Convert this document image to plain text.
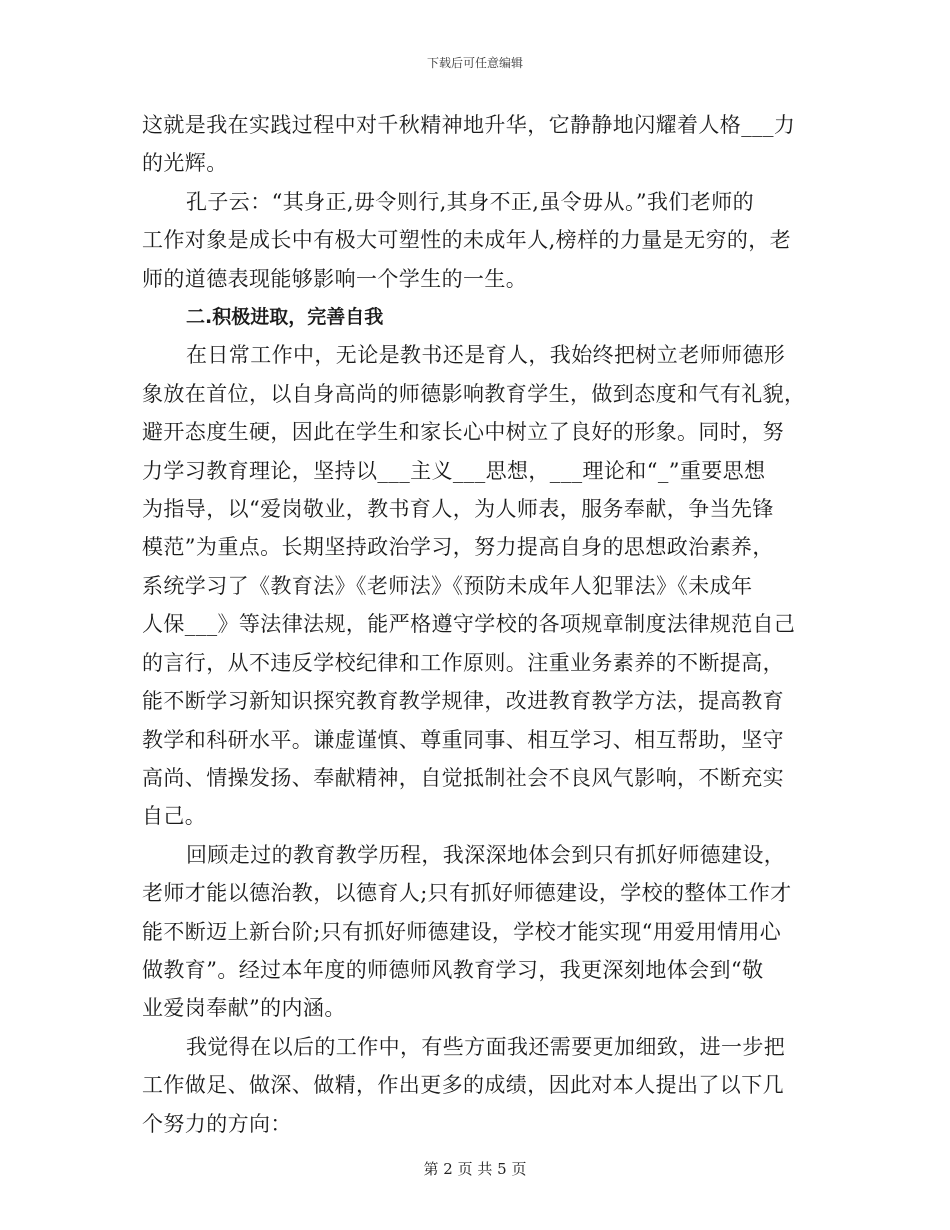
下载后可任意编辑

这就是我在实践过程中对千秋精神地升华，它静静地闪耀着人格___力
的光辉。

孔子云：“其身正,毋令则行,其身不正,虽令毋从。”我们老师的
工作对象是成长中有极大可塑性的未成年人,榜样的力量是无穷的，老
师的道德表现能够影响一个学生的一生。

二.积极进取，完善自我

在日常工作中，无论是教书还是育人，我始终把树立老师师德形
象放在首位，以自身高尚的师德影响教育学生，做到态度和气有礼貌，
避开态度生硬，因此在学生和家长心中树立了良好的形象。同时，努
力学习教育理论，坚持以___主义___思想，___理论和“_”重要思想
为指导，以“爱岗敬业，教书育人，为人师表，服务奉献，争当先锋
模范”为重点。长期坚持政治学习，努力提高自身的思想政治素养，
系统学习了《教育法》《老师法》《预防未成年人犯罪法》《未成年
人保___》等法律法规，能严格遵守学校的各项规章制度法律规范自己
的言行，从不违反学校纪律和工作原则。注重业务素养的不断提高，
能不断学习新知识探究教育教学规律，改进教育教学方法，提高教育
教学和科研水平。谦虚谨慎、尊重同事、相互学习、相互帮助，坚守
高尚、情操发扬、奉献精神，自觉抵制社会不良风气影响，不断充实
自己。

回顾走过的教育教学历程，我深深地体会到只有抓好师德建设，
老师才能以德治教，以德育人;只有抓好师德建设，学校的整体工作才
能不断迈上新台阶;只有抓好师德建设，学校才能实现“用爱用情用心
做教育”。经过本年度的师德师风教育学习，我更深刻地体会到“敬
业爱岗奉献”的内涵。

我觉得在以后的工作中，有些方面我还需要更加细致，进一步把
工作做足、做深、做精，作出更多的成绩，因此对本人提出了以下几
个努力的方向：

第 2 页 共 5 页
